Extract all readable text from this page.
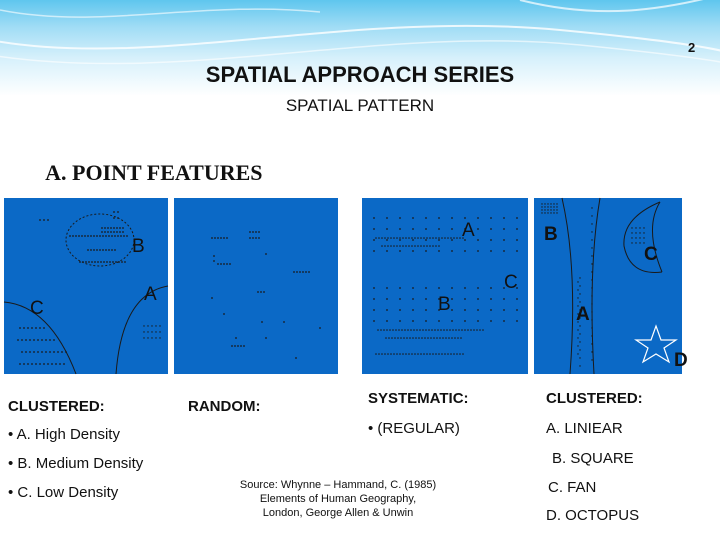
2
SPATIAL APPROACH SERIES
SPATIAL PATTERN
A. POINT FEATURES
B
A
C
A
C
B
B
C
A
D
CLUSTERED:
• A. High Density
• B. Medium Density
• C. Low Density
RANDOM:	SYSTEMATIC:
• (REGULAR)
CLUSTERED:
A. LINIEAR
B. SQUARE
C. FAN
D. OCTOPUS
Source: Whynne – Hammand, C. (1985)
Elements of Human Geography,
London, George Allen & Unwin
